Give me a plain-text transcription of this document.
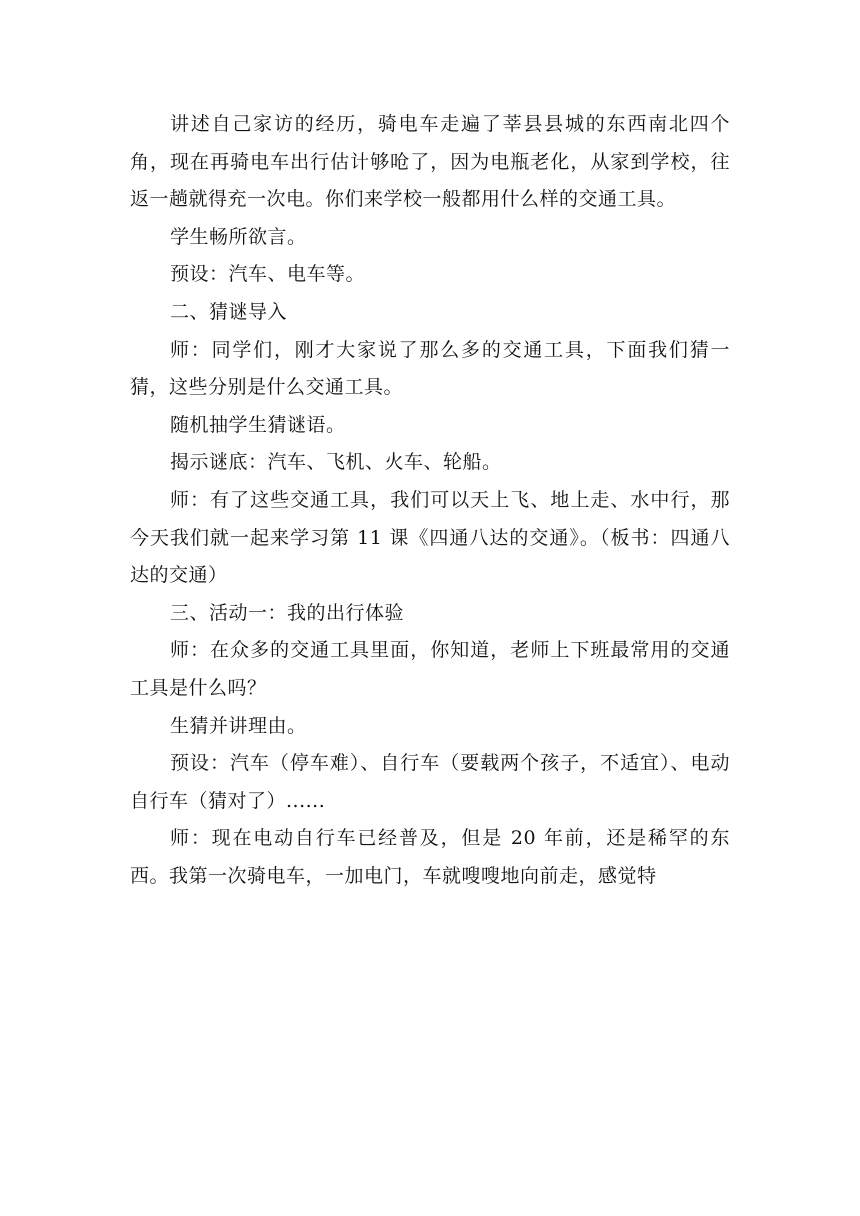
讲述自己家访的经历，骑电车走遍了莘县县城的东西南北四个角，现在再骑电车出行估计够呛了，因为电瓶老化，从家到学校，往返一趟就得充一次电。你们来学校一般都用什么样的交通工具。

学生畅所欲言。

预设：汽车、电车等。

二、猜谜导入

师：同学们，刚才大家说了那么多的交通工具，下面我们猜一猜，这些分别是什么交通工具。

随机抽学生猜谜语。

揭示谜底：汽车、飞机、火车、轮船。

师：有了这些交通工具，我们可以天上飞、地上走、水中行，那今天我们就一起来学习第 11 课《四通八达的交通》。（板书：四通八达的交通）

三、活动一：我的出行体验

师：在众多的交通工具里面，你知道，老师上下班最常用的交通工具是什么吗？

生猜并讲理由。

预设：汽车（停车难）、自行车（要载两个孩子，不适宜）、电动自行车（猜对了）......

师：现在电动自行车已经普及，但是 20 年前，还是稀罕的东西。我第一次骑电车，一加电门，车就嗖嗖地向前走，感觉特
